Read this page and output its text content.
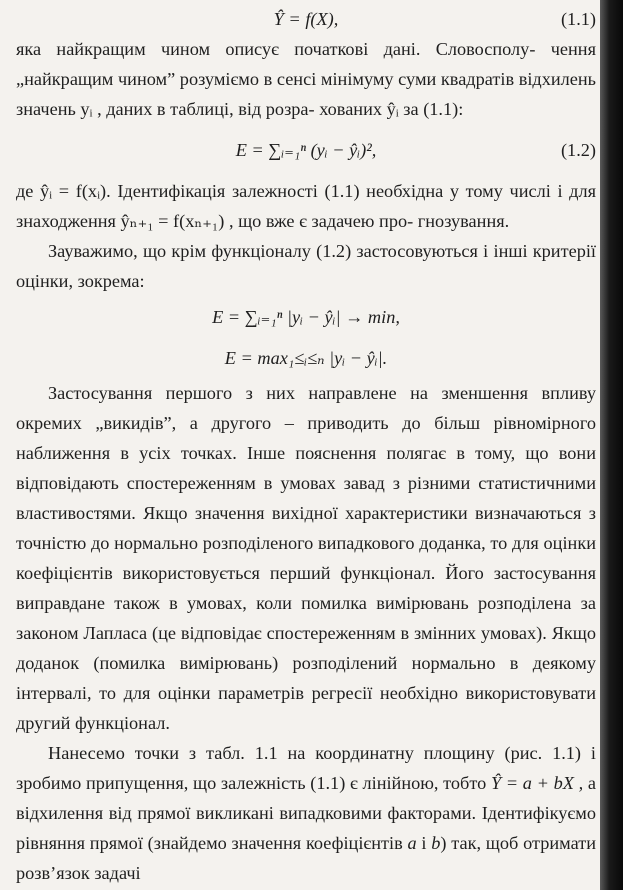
Ŷ = f(X),	(1.1)

яка найкращим чином описує початкові дані. Словосполу- чення „найкращим чином” розуміємо в сенсі мінімуму суми квадратів відхилень значень yᵢ , даних в таблиці, від розра- хованих ŷᵢ за (1.1):

E = ∑ᵢ₌₁ⁿ (yᵢ − ŷᵢ)²,	(1.2)

де ŷᵢ = f(xᵢ). Ідентифікація залежності (1.1) необхідна у тому числі і для знаходження ŷₙ₊₁ = f(xₙ₊₁) , що вже є задачею про- гнозування.

Зауважимо, що крім функціоналу (1.2) застосовуються і інші критерії оцінки, зокрема:

E = ∑ᵢ₌₁ⁿ |yᵢ − ŷᵢ| → min,
E = max₁≤ᵢ≤ₙ |yᵢ − ŷᵢ|.

Застосування першого з них направлене на зменшення впливу окремих „викидів”, а другого – приводить до більш рівномірного наближення в усіх точках. Інше пояснення полягає в тому, що вони відповідають спостереженням в умовах завад з різними статистичними властивостями. Якщо значення вихідної характеристики визначаються з точністю до нормально розподіленого випадкового доданка, то для оцінки коефіцієнтів використовується перший функціонал. Його застосування виправдане також в умовах, коли помилка вимірювань розподілена за законом Лапласа (це відповідає спостереженням в змінних умовах). Якщо доданок (помилка вимірювань) розподілений нормально в деякому інтервалі, то для оцінки параметрів регресії необхідно використовувати другий функціонал.

Нанесемо точки з табл. 1.1 на координатну площину (рис. 1.1) і зробимо припущення, що залежність (1.1) є лінійною, тобто Ŷ = a + bX , а відхилення від прямої викликані випадковими факторами. Ідентифікуємо рівняння прямої (знайдемо значення коефіцієнтів a і b) так, щоб отримати розв’язок задачі
